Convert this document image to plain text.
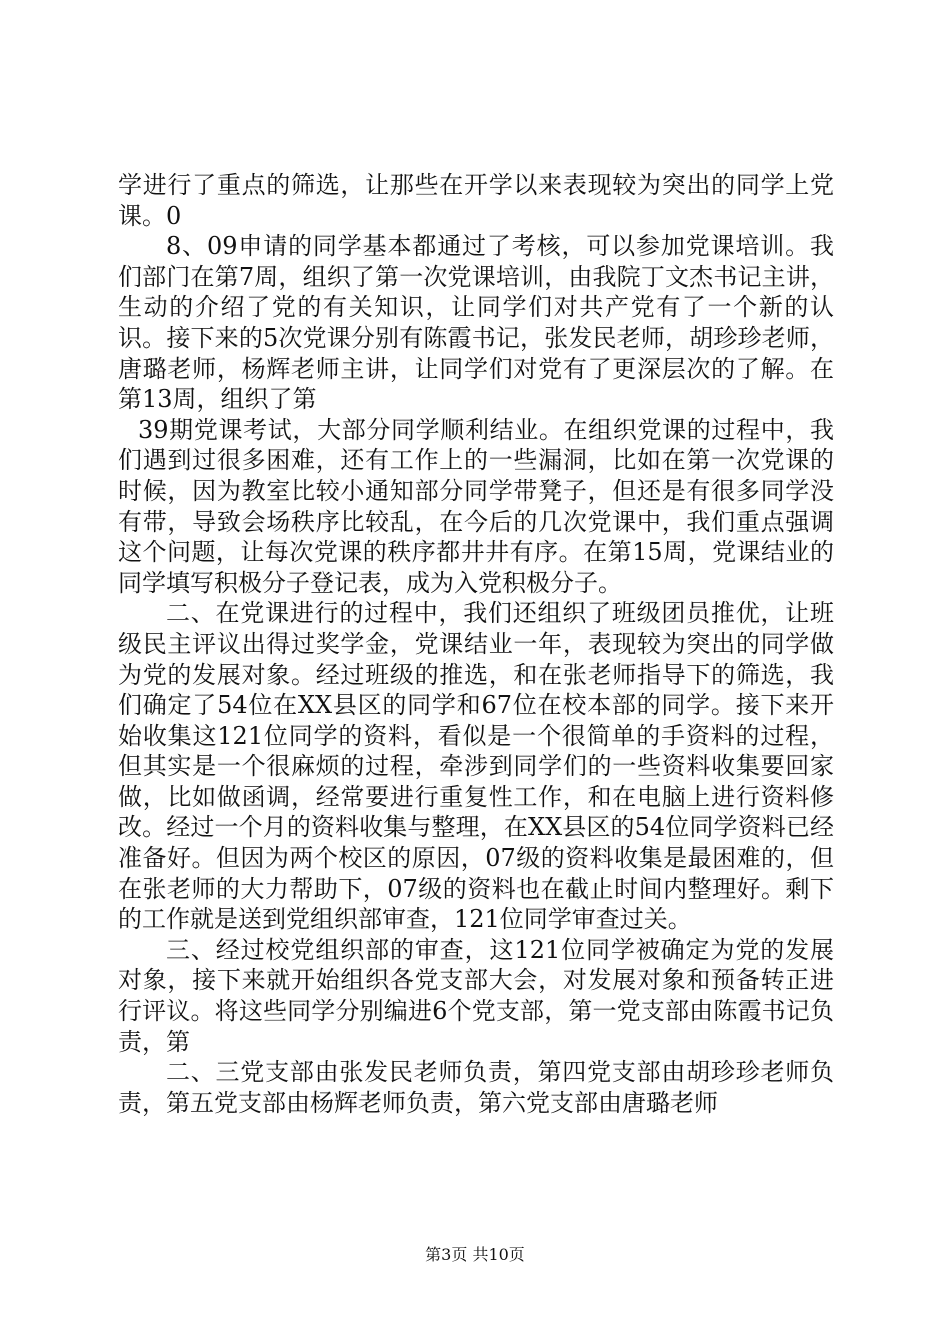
学进行了重点的筛选，让那些在开学以来表现较为突出的同学上党课。0

8、09申请的同学基本都通过了考核，可以参加党课培训。我们部门在第7周，组织了第一次党课培训，由我院丁文杰书记主讲，生动的介绍了党的有关知识，让同学们对共产党有了一个新的认识。接下来的5次党课分别有陈霞书记，张发民老师，胡珍珍老师，唐璐老师，杨辉老师主讲，让同学们对党有了更深层次的了解。在第13周，组织了第

39期党课考试，大部分同学顺利结业。在组织党课的过程中，我们遇到过很多困难，还有工作上的一些漏洞，比如在第一次党课的时候，因为教室比较小通知部分同学带凳子，但还是有很多同学没有带，导致会场秩序比较乱，在今后的几次党课中，我们重点强调这个问题，让每次党课的秩序都井井有序。在第15周，党课结业的同学填写积极分子登记表，成为入党积极分子。

二、在党课进行的过程中，我们还组织了班级团员推优，让班级民主评议出得过奖学金，党课结业一年，表现较为突出的同学做为党的发展对象。经过班级的推选，和在张老师指导下的筛选，我们确定了54位在XX县区的同学和67位在校本部的同学。接下来开始收集这121位同学的资料，看似是一个很简单的手资料的过程，但其实是一个很麻烦的过程，牵涉到同学们的一些资料收集要回家做，比如做函调，经常要进行重复性工作，和在电脑上进行资料修改。经过一个月的资料收集与整理，在XX县区的54位同学资料已经准备好。但因为两个校区的原因，07级的资料收集是最困难的，但在张老师的大力帮助下，07级的资料也在截止时间内整理好。剩下的工作就是送到党组织部审查，121位同学审查过关。

三、经过校党组织部的审查，这121位同学被确定为党的发展对象，接下来就开始组织各党支部大会，对发展对象和预备转正进行评议。将这些同学分别编进6个党支部，第一党支部由陈霞书记负责，第

二、三党支部由张发民老师负责，第四党支部由胡珍珍老师负责，第五党支部由杨辉老师负责，第六党支部由唐璐老师

第3页 共10页
